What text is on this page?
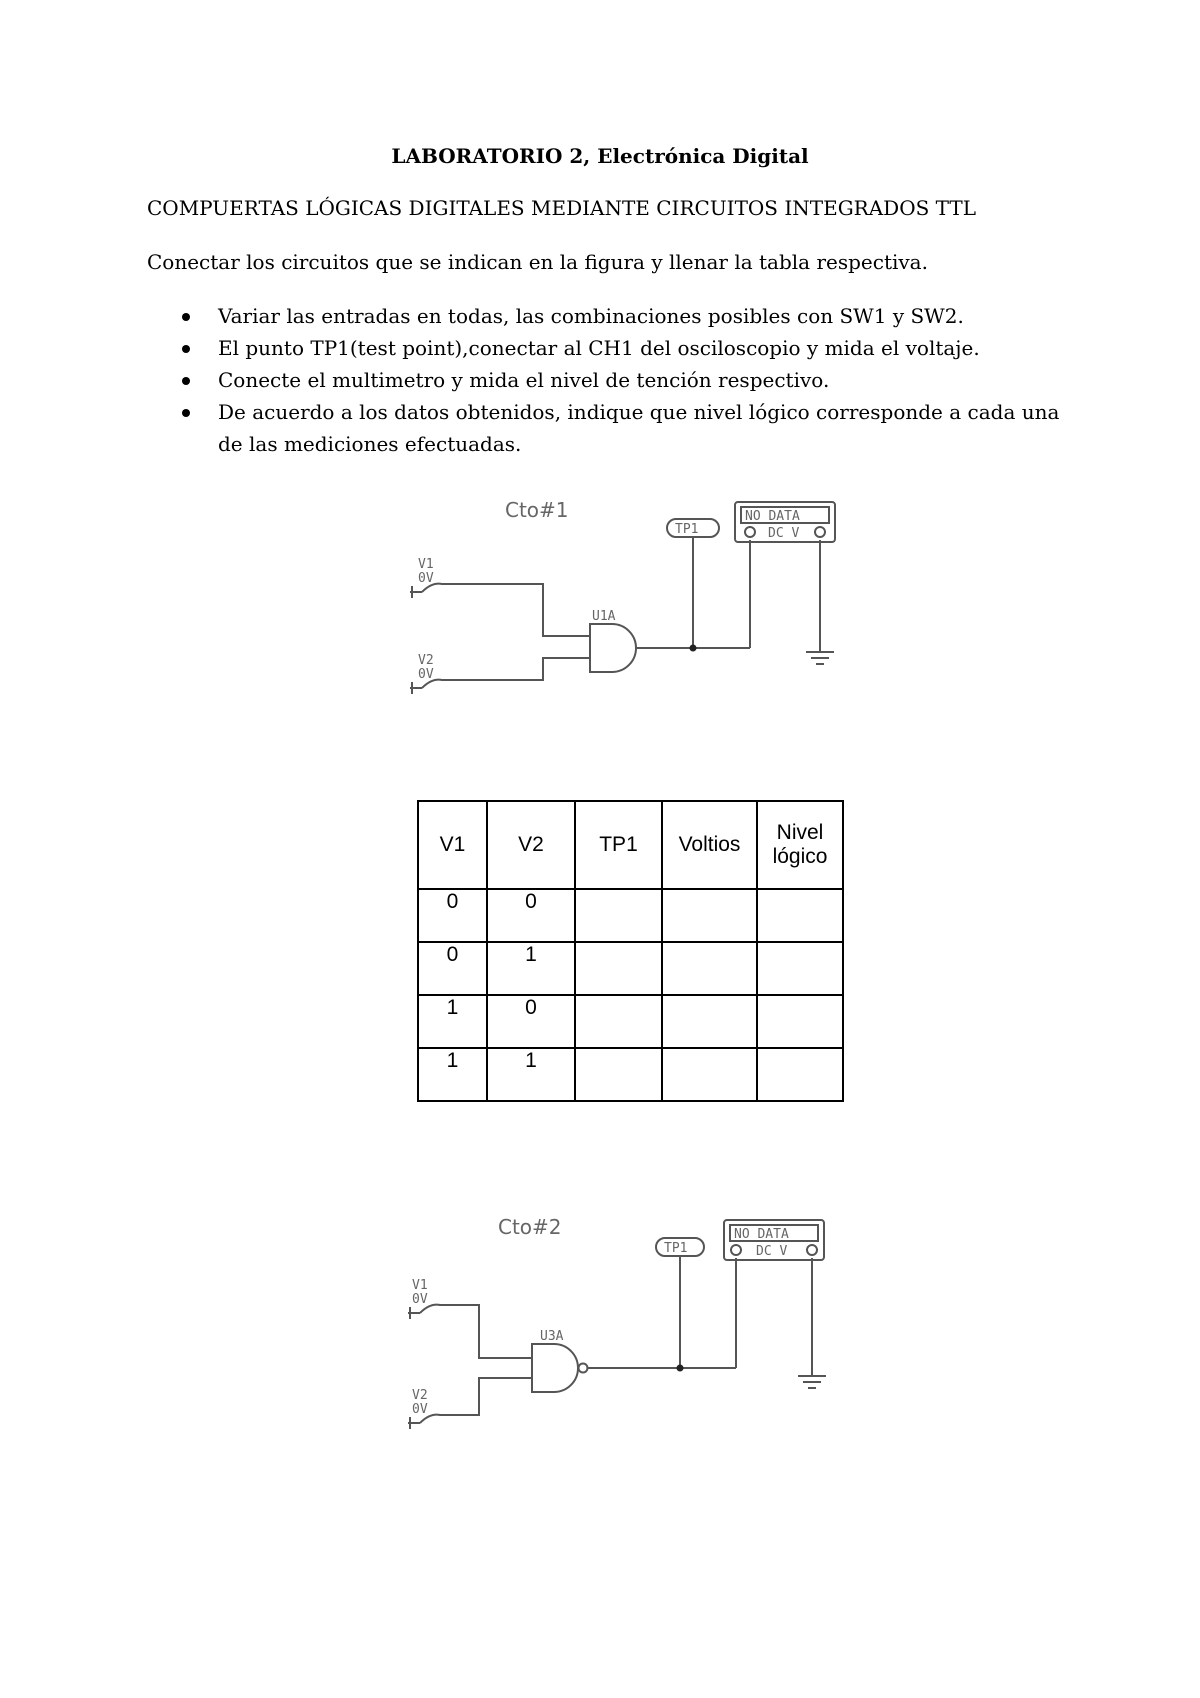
LABORATORIO 2, Electrónica Digital
COMPUERTAS LÓGICAS DIGITALES MEDIANTE CIRCUITOS INTEGRADOS TTL
Conectar los circuitos que se indican en la figura y llenar la tabla respectiva.
Variar las entradas en todas, las combinaciones posibles con SW1 y SW2.
El punto TP1(test point),conectar al CH1 del osciloscopio y mida el voltaje.
Conecte el multimetro y mida el nivel de tención respectivo.
De acuerdo a los datos obtenidos, indique que nivel lógico corresponde a cada una de las mediciones efectuadas.
Cto#1
V1
0V
V2
0V
U1A
TP1
NO DATA
DC V
V1	V2	TP1	Voltios	Nivel lógico
0	0			
0	1			
1	0			
1	1			
Cto#2
V1
0V
V2
0V
U3A
TP1
NO DATA
DC V
